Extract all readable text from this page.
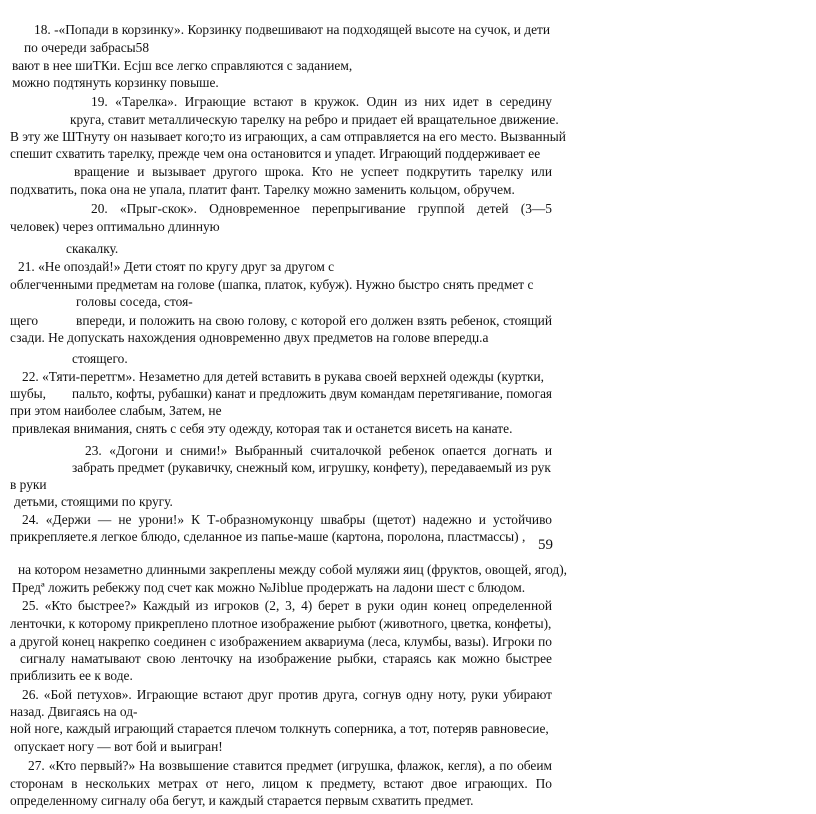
18. -«Попади в корзинку». Корзинку подвешивают на подходящей высоте на сучок, и дети
по очереди забрасы58
вают в нее шиТКи. Есјш все легко справляются с заданием,
можно подтянуть корзинку повыше.
19. «Тарелка». Играющие встают в кружок. Один из них идет в середину
круга, ставит металлическую тарелку на ребро и придает ей вращательное движение.
В эту же ШТнуту он называет кого;то из играющих, а сам отправляется на его место. Вызванный
спешит схватить тарелку, прежде чем она остановится и упадет. Играющий поддерживает ее
вращение и вызывает другого шрока. Кто не успеет подкрутить тарелку или
подхватить, пока она не упала, платит фант. Тарелку можно заменить кольцом, обручем.
20. «Прыг-скок». Одновременное перепрыгивание группой детей (3—5
человек) через оптимально длинную
скакалку.
21. «Не опоздай!» Дети стоят по кругу друг за другом с
облегченными предметам на голове (шапка, платок, кубуж). Нужно быстро снять предмет с
головы соседа, стоя-
щего	впереди, и положить на свою голову, с которой его должен взять ребенок, стоящий
сзади. Не допускать нахождения одновременно двух предметов на голове впередџ.а
стоящего.
22. «Тяти-перетгм». Незаметно для детей вставить в рукава своей верхней одежды (куртки,
шубы, пальто, кофты, рубашки) канат и предложить двум командам перетягивание, помогая
при этом наиболее слабым, Затем, не
привлекая внимания, снять с себя эту одежду, которая так и останется висеть на канате.
23. «Догони и сними!» Выбранный считалочкой ребенок опается догнать и
забрать предмет (рукавичку, снежный ком, игрушку, конфету), передаваемый из рук
в руки
детьми, стоящими по кругу.
24. «Держи — не урони!» К Т-образномуконцу швабры (щетот) надежно и устойчиво
прикрепляете.я легкое блюдо, сделанное из папье-маше (картона, поролона, пластмассы) ,
59
на котором незаметно длинными закреплены между собой муляжи яиц (фруктов, овощей, ягод),
Предª ложить ребекжу под счет как можно №Jiblue продержать на ладони шест с блюдом.
25. «Кто быстрее?» Каждый из игроков (2, 3, 4) берет в руки один конец определенной
ленточки, к которому прикреплено плотное изображение рыбют (животного, цветка, конфеты),
а другой конец накрепко соединен с изображением аквариума (леса, клумбы, вазы). Игроки по
сигналу наматывают свою ленточку на изображение рыбки, стараясь как можно быстрее
приблизить ее к воде.
26. «Бой петухов». Играющие встают друг против друга, согнув одну ноту, руки убирают
назад. Двигаясь на од-
ной ноге, каждый играющий старается плечом толкнуть соперника, а тот, потеряв равновесие,
опускает ногу — вот бой и выигран!
27. «Кто первый?» На возвышение ставится предмет (игрушка, флажок, кегля), а по обеим
сторонам в нескольких метрах от него, лицом к предмету, встают двое играющих. По
определенному сигналу оба бегут, и каждый старается первым схватить предмет.
